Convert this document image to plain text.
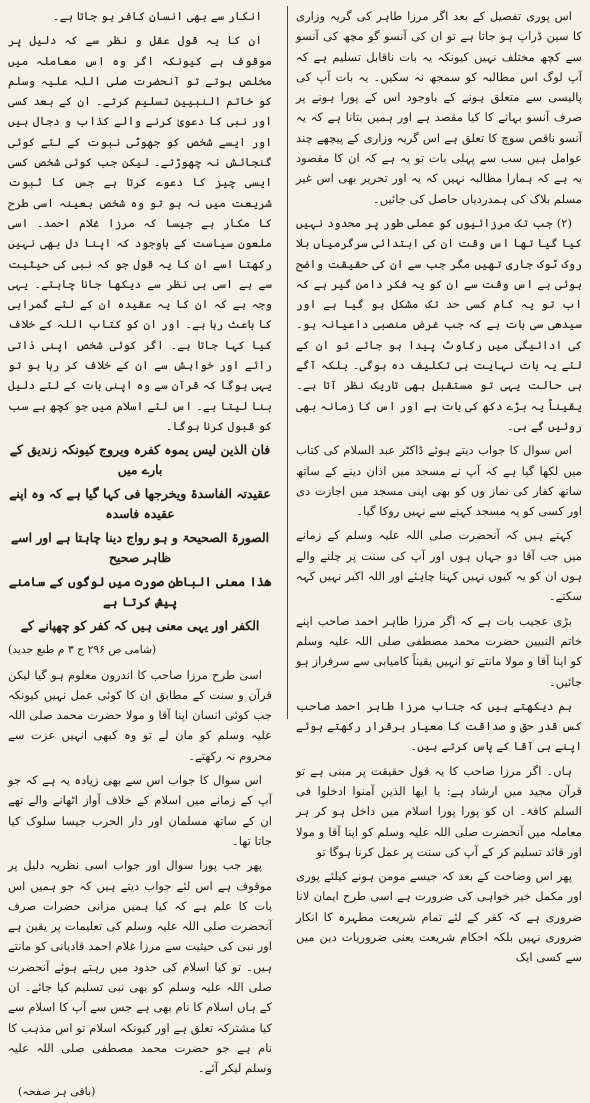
اس پوری تفصیل کے بعد اگر مرزا طاہر کی گریہ وزاری کا سین ڈراپ ہو جاتا ہے تو ان کی آنسو گو مچھ کی آنسو سے کچھ مختلف نہیں کیونکہ یہ بات ناقابل تسلیم ہے کہ آپ لوگ اس مطالبہ کو سمجھ نہ سکیں۔ یہ بات آپ کی پالیسی سے متعلق ہونے کے باوجود اس کے پورا ہونے پر صرف آنسو بہانے کا کیا مقصد ہے اور ہمیں بتانا ہے کہ یہ آنسو ناقص سوچ کا تعلق ہے اس گریہ وزاری کے پیچھے چند عوامل ہیں سب سے پہلی بات تو یہ ہے کہ ان کا مقصود یہ ہے کہ ہمارا مطالبہ نہیں کہ یہ اور تحریر بھی اس غیر مسلم بلاک کی ہمدردیاں حاصل کی جائیں۔

(۲) جب تک مرزائیوں کو عملی طور پر محدود نہیں کیا گیا تھا اس وقت ان کی ابتدائی سرگرمیاں بلا روک ٹوک جاری تھیں مگر جب سے ان کی حقیقت واضح ہوئی ہے اس وقت سے ان کو یہ فکر دامن گیر ہے کہ اب تو یہ کام کسی حد تک مشکل ہو گیا ہے اور سیدھی سی بات ہے کہ جب غرض منصبی داعیانہ ہو۔ کی ادائیگی میں رکاوٹ پیدا ہو جائے تو ان کے لئے یہ بات نہایت ہی تکلیف دہ ہوگی۔ بلکہ آگے ہی حالت یہی تو مستقبل بھی تاریک نظر آتا ہے۔ یقیناً یہ بڑے دکھ کی بات ہے اور اس کا زمانہ بھی روئیں گے ہی۔

اس سوال کا جواب دیتے ہوئے ڈاکٹر عبد السلام کی کتاب میں لکھا گیا ہے کہ آپ نے مسجد میں اذان دینے کے ساتھ ساتھ کفار کی نماز وں کو بھی اپنی مسجد میں اجازت دی اور کسی کو یہ مسجد کہنے سے نہیں روکا گیا۔

کہتے ہیں کہ آنحضرت صلی اللہ علیہ وسلم کے زمانے میں جب آقا دو جہاں ہوں اور آپ کی سنت پر چلنے والے ہوں ان کو یہ کیوں نہیں کہنا چاہئے اور اللہ اکبر نہیں کہہ سکتے۔

بڑی عجیب بات ہے کہ اگر مرزا طاہر احمد صاحب اپنے خاتم النبیین حضرت محمد مصطفی صلی اللہ علیہ وسلم کو اپنا آقا و مولا مانتے تو انہیں یقیناً کامیابی سے سرفراز ہو جائیں۔

ہم دیکھتے ہیں کہ جناب مرزا طاہر احمد صاحب کس قدر حق و صداقت کا معیار برقرار رکھتے ہوئے اپنے ہی آقا کے پاس کرتے ہیں۔

ہاں۔ اگر مرزا صاحب کا یہ قول حقیقت پر مبنی ہے تو قرآن مجید میں ارشاد ہے: یا ایھا الذین آمنوا ادخلوا فی السلم کافۃ۔ ان کو پورا پورا اسلام میں داخل ہو کر ہر معاملہ میں آنحضرت صلی اللہ علیہ وسلم کو اپنا آقا و مولا اور قائد تسلیم کر کے آپ کی سنت پر عمل کرنا ہوگا تو

پھر اس وضاحت کے بعد کہ جیسے مومن ہونے کیلئے پوری اور مکمل خیر خواہی کی ضرورت ہے اسی طرح ایمان لانا ضروری ہے کہ کفر کے لئے تمام شریعت مطہرہ کا انکار ضروری نہیں بلکہ احکام شریعت یعنی ضروریات دین میں سے کسی ایک

انکار سے بھی انسان کافر ہو جاتا ہے۔

ان کا یہ قول عقل و نظر سے کہ دلیل پر موقوف ہے کیونکہ اگر وہ اس معاملہ میں مخلص ہوتے تو آنحضرت صلی اللہ علیہ وسلم کو خاتم النبیین تسلیم کرتے۔ ان کے بعد کسی اور نبی کا دعویٰ کرنے والے کذاب و دجال ہیں اور ایسے شخص کو جھوٹی نبوت کے لئے کوئی گنجائش نہ چھوڑتے۔ لیکن جب کوئی شخص کسی ایسی چیز کا دعوے کرتا ہے جس کا ثبوت شریعت میں نہ ہو تو وہ شخص بعینہ اسی طرح کا مکار ہے جیسا کہ مرزا غلام احمد۔ اسی ملعون سیاست کے باوجود کہ اپنا دل بھی نہیں رکھتا اسے ان کا یہ قول جو کہ نبی کی حیثیت سے ہے اسی ہی نظر سے دیکھا جانا چاہئے۔ یہی وجہ ہے کہ ان کا یہ عقیدہ ان کے لئے گمراہی کا باعث رہا ہے۔ اور ان کو کتاب اللہ کے خلاف کیا کہا جاتا ہے۔ اگر کوئی شخص اپنی ذاتی رائے اور خواہش سے ان کے خلاف کر رہا ہو تو یہی ہوگا کہ قرآن سے وہ اپنی بات کے لئے دلیل بنا لیتا ہے۔ اس لئے اسلام میں جو کچھ ہے سب کو قبول کرنا ہوگا۔

فان الذین لیس یموہ کفرہ ویروج کیونکہ زندیق کے بارے میں

عقیدتہ الفاسدۃ ویخرجھا فی کہا گیا ہے کہ وہ اپنے عقیدہ فاسدہ

الصورۃ الصحیحۃ و ہو رواج دینا چاہتا ہے اور اسے ظاہر صحیح

ھٰذا معنی الباطن صورت میں لوگوں کے سامنے پیش کرتا ہے

الکفر اور یہی معنی ہیں کہ کفر کو چھپانے کے

(شامی ص ۲۹۶ ج ۳ م طبع جدید)

اسی طرح مرزا صاحب کا اندرون معلوم ہو گیا لیکن قرآن و سنت کے مطابق ان کا کوئی عمل نہیں کیونکہ جب کوئی انسان اپنا آقا و مولا حضرت محمد صلی اللہ علیہ وسلم کو مان لے تو وہ کبھی انہیں عزت سے محروم نہ رکھتے۔

اس سوال کا جواب اس سے بھی زیادہ یہ ہے کہ جو آپ کے زمانے میں اسلام کے خلاف آواز اٹھانے والے تھے ان کے ساتھ مسلمان اور دار الحرب جیسا سلوک کیا جاتا تھا۔

پھر جب پورا سوال اور جواب اسی نظریہ دلیل پر موقوف ہے اس لئے جواب دیتے ہیں کہ جو ہمیں اس بات کا علم ہے کہ کیا ہمیں مزانی حضرات صرف آنحضرت صلی اللہ علیہ وسلم کی تعلیمات پر یقین ہے اور نبی کی حیثیت سے مرزا غلام احمد قادیانی کو مانتے ہیں۔ تو کیا اسلام کی حدود میں رہتے ہوئے آنحضرت صلی اللہ علیہ وسلم کو بھی نبی تسلیم کیا جائے۔ ان کے ہاں اسلام کا نام بھی ہے جس سے آپ کا اسلام سے کیا مشترکہ تعلق ہے اور کیونکہ اسلام تو اس مذہب کا نام ہے جو حضرت محمد مصطفی صلی اللہ علیہ وسلم لیکر آئے۔

(باقی ہر صفحہ)
